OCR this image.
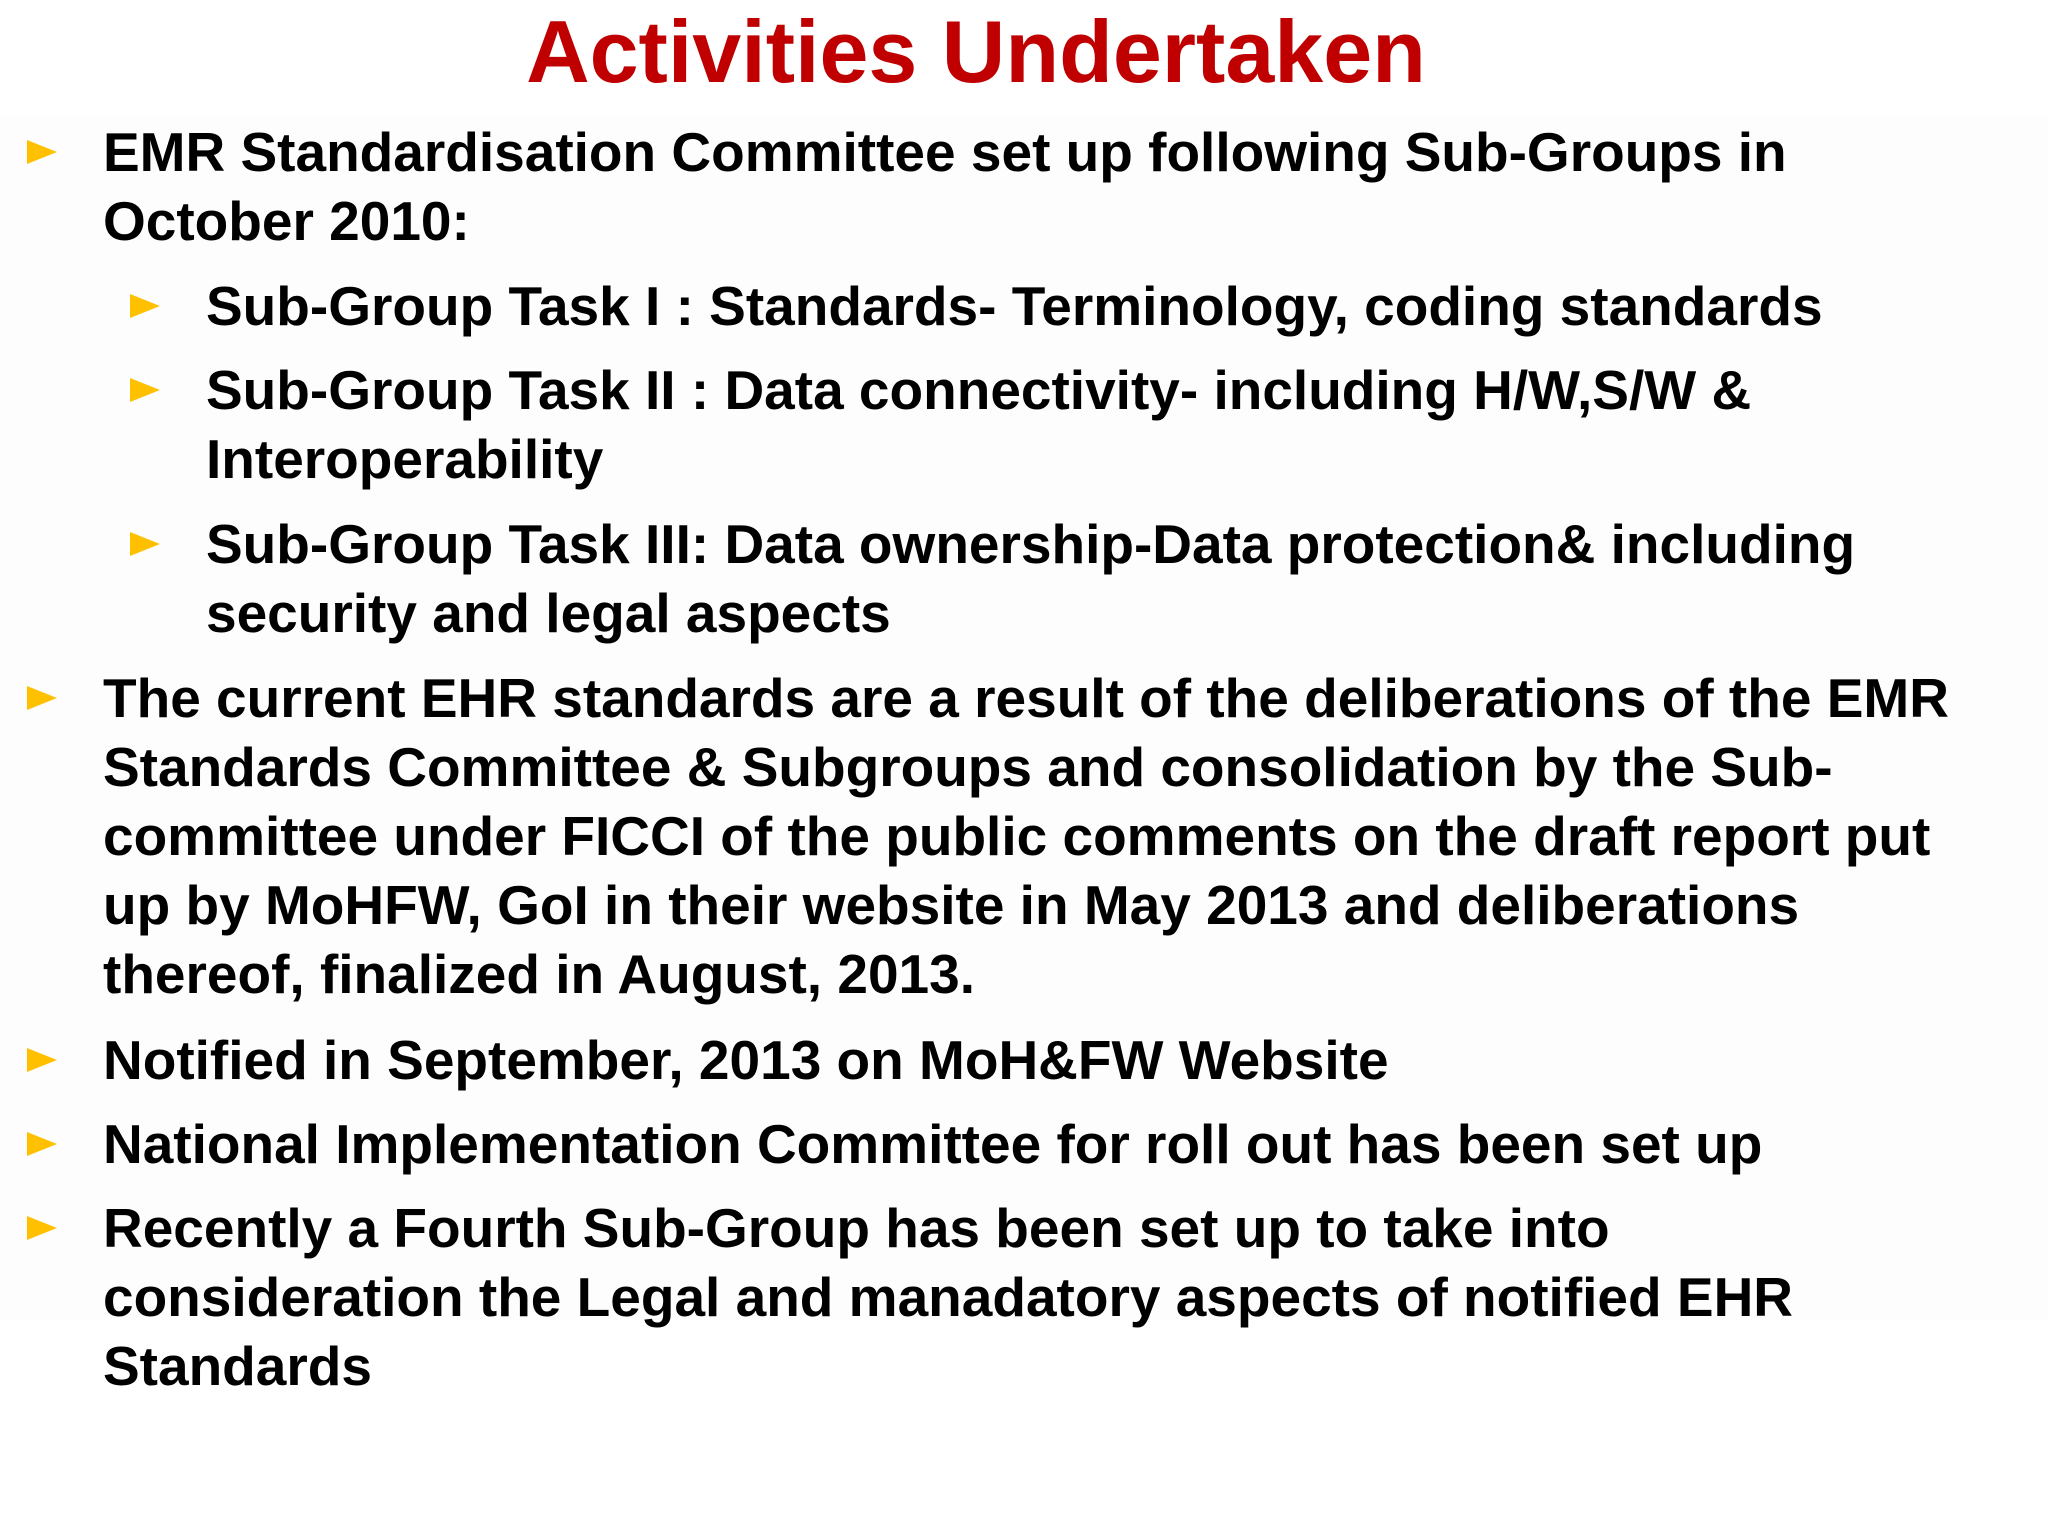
Activities Undertaken

EMR Standardisation Committee set up following Sub-Groups in
October 2010:

Sub-Group Task I : Standards- Terminology, coding standards

Sub-Group Task II : Data connectivity- including H/W,S/W &
Interoperability

Sub-Group Task III: Data ownership-Data protection& including
security and legal aspects

The current EHR standards are a result of the deliberations of the EMR
Standards Committee & Subgroups and consolidation by the Sub-
committee under FICCI of the public comments on the draft report put
up by MoHFW, GoI in their website in May 2013 and deliberations
thereof, finalized in August, 2013.

Notified in September, 2013 on MoH&FW Website

National Implementation Committee for roll out has been set up

Recently a Fourth Sub-Group has been set up to take into
consideration the Legal and manadatory aspects of notified EHR
Standards
